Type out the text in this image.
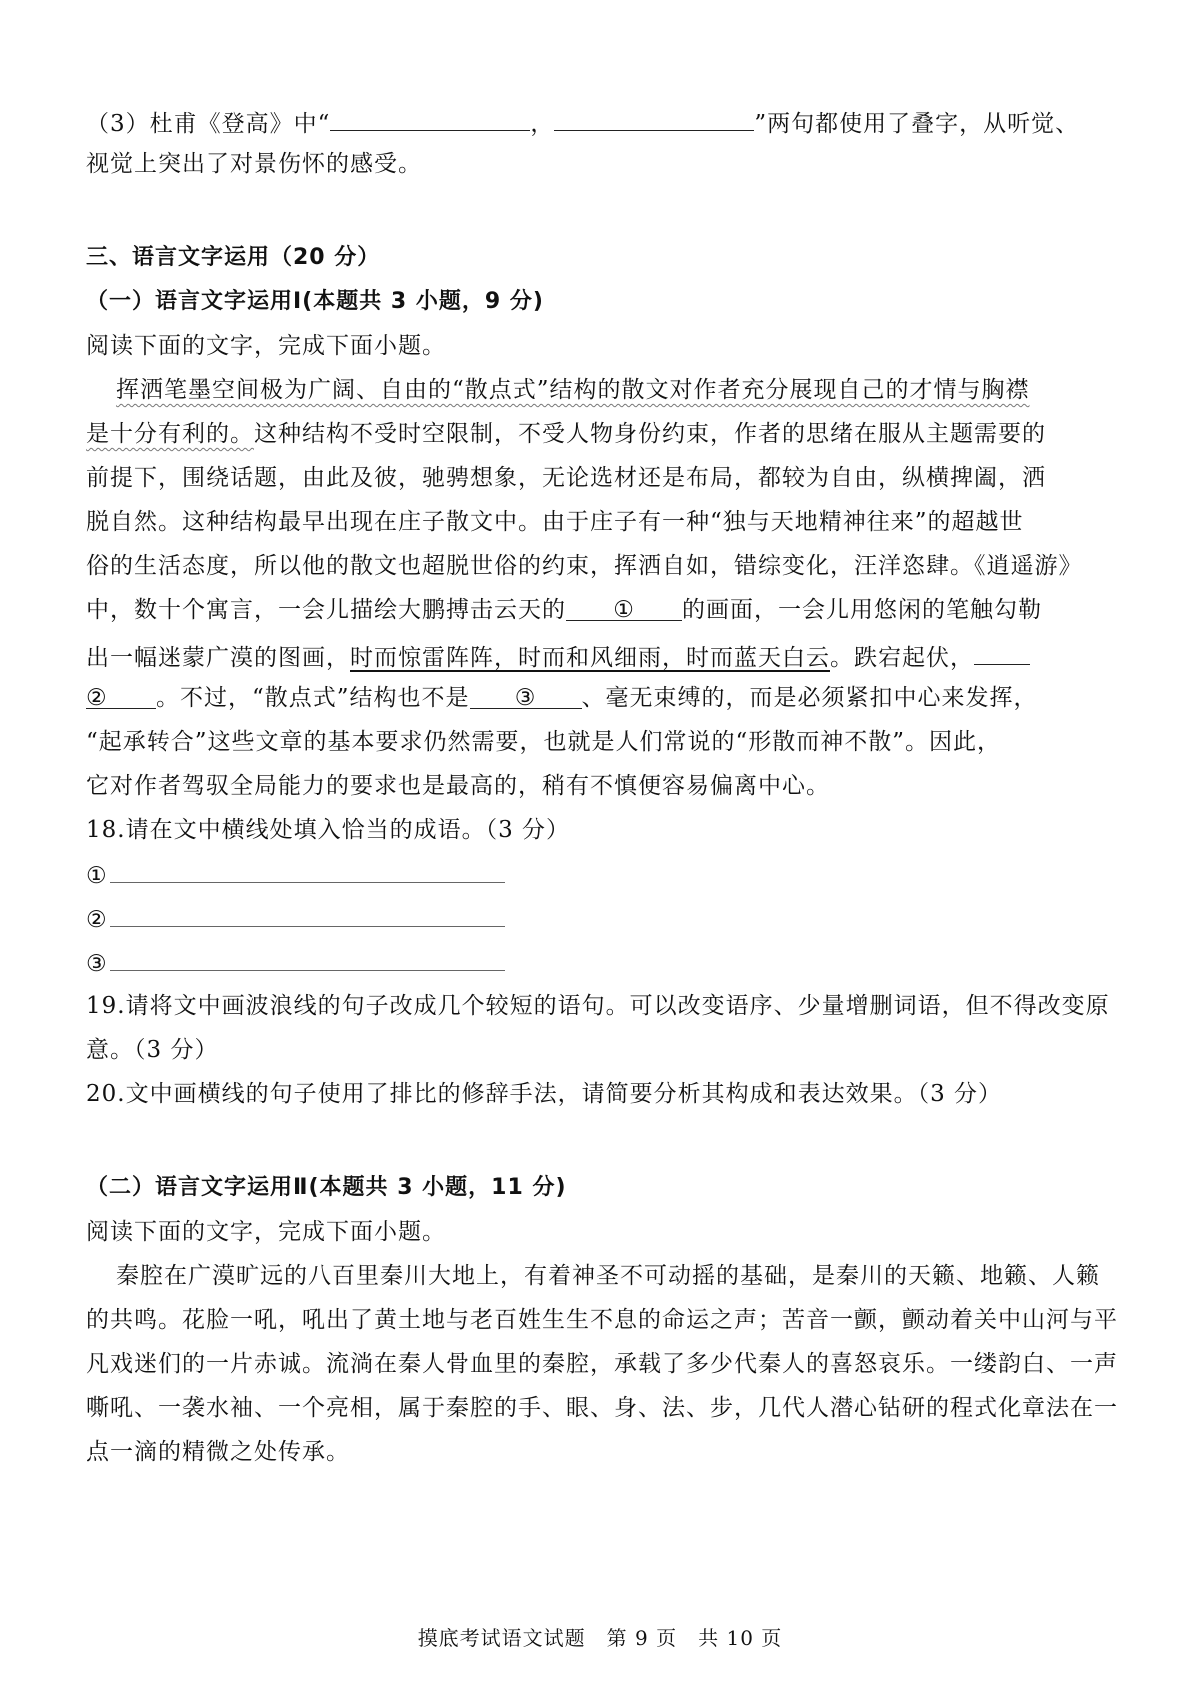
（3）杜甫《登高》中“	，	”两句都使用了叠字，从听觉、
视觉上突出了对景伤怀的感受。
三、语言文字运用（20 分）
（一）语言文字运用Ⅰ(本题共 3 小题，9 分)
阅读下面的文字，完成下面小题。
挥洒笔墨空间极为广阔、自由的“散点式”结构的散文对作者充分展现自己的才情与胸襟
是十分有利的。这种结构不受时空限制，不受人物身份约束，作者的思绪在服从主题需要的
前提下，围绕话题，由此及彼，驰骋想象，无论选材还是布局，都较为自由，纵横捭阖，洒
脱自然。这种结构最早出现在庄子散文中。由于庄子有一种“独与天地精神往来”的超越世
俗的生活态度，所以他的散文也超脱世俗的约束，挥洒自如，错综变化，汪洋恣肆。《逍遥游》
中，数十个寓言，一会儿描绘大鹏搏击云天的 ① 的画面，一会儿用悠闲的笔触勾勒
出一幅迷蒙广漠的图画，时而惊雷阵阵，时而和风细雨，时而蓝天白云。跌宕起伏，
② 。不过，“散点式”结构也不是 ③ 、毫无束缚的，而是必须紧扣中心来发挥，
“起承转合”这些文章的基本要求仍然需要，也就是人们常说的“形散而神不散”。因此，
它对作者驾驭全局能力的要求也是最高的，稍有不慎便容易偏离中心。
18.请在文中横线处填入恰当的成语。（3 分）
①
②
③
19.请将文中画波浪线的句子改成几个较短的语句。可以改变语序、少量增删词语，但不得改变原
意。（3 分）
20.文中画横线的句子使用了排比的修辞手法，请简要分析其构成和表达效果。（3 分）
（二）语言文字运用Ⅱ(本题共 3 小题，11 分)
阅读下面的文字，完成下面小题。
秦腔在广漠旷远的八百里秦川大地上，有着神圣不可动摇的基础，是秦川的天籁、地籁、人籁
的共鸣。花脸一吼，吼出了黄土地与老百姓生生不息的命运之声；苦音一颤，颤动着关中山河与平
凡戏迷们的一片赤诚。流淌在秦人骨血里的秦腔，承载了多少代秦人的喜怒哀乐。一缕韵白、一声
嘶吼、一袭水袖、一个亮相，属于秦腔的手、眼、身、法、步，几代人潜心钻研的程式化章法在一
点一滴的精微之处传承。
摸底考试语文试题　第 9 页　共 10 页
